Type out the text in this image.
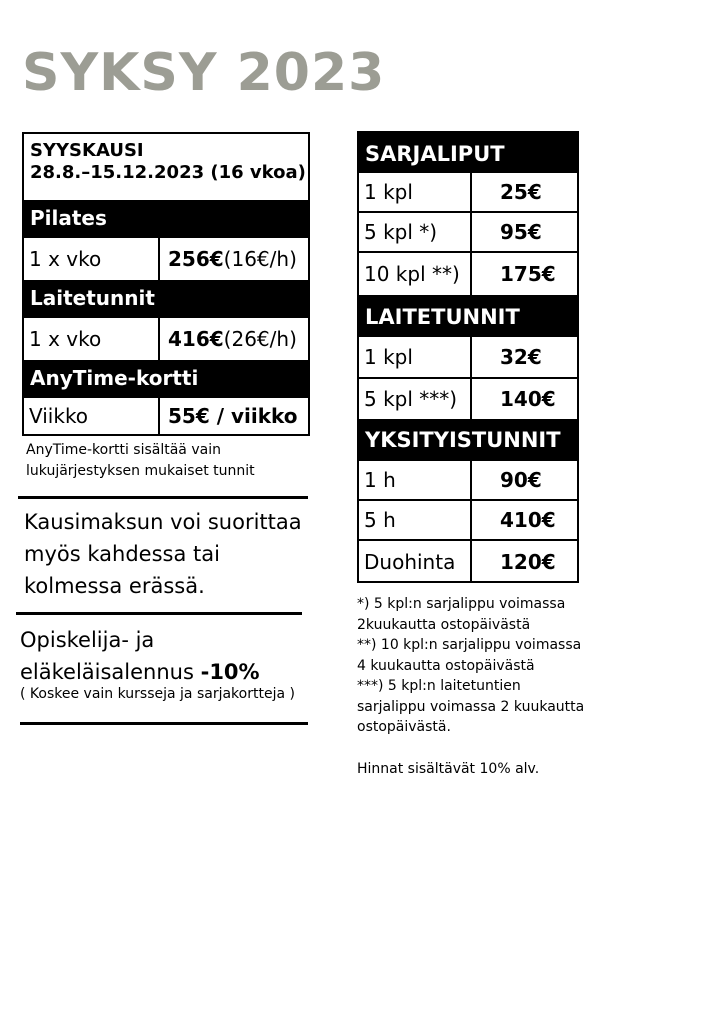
SYKSY 2023
SYYSKAUSI
28.8.–15.12.2023 (16 vkoa)
Pilates
1 x vko	256€ (16€/h)
Laitetunnit
1 x vko	416€ (26€/h)
AnyTime-kortti
Viikko	55€ / viikko
AnyTime-kortti sisältää vain
lukujärjestyksen mukaiset tunnit
Kausimaksun voi suorittaa
myös kahdessa tai
kolmessa erässä.
Opiskelija- ja
eläkeläisalennus -10%
( Koskee vain kursseja ja sarjakortteja )
SARJALIPUT
1 kpl	25€
5 kpl *)	95€
10 kpl **)	175€
LAITETUNNIT
1 kpl	32€
5 kpl ***)	140€
YKSITYISTUNNIT
1 h	90€
5 h	410€
Duohinta	120€
*) 5 kpl:n sarjalippu voimassa
2kuukautta ostopäivästä
**) 10 kpl:n sarjalippu voimassa
4 kuukautta ostopäivästä
***) 5 kpl:n laitetuntien
sarjalippu voimassa 2 kuukautta
ostopäivästä.
Hinnat sisältävät 10% alv.
